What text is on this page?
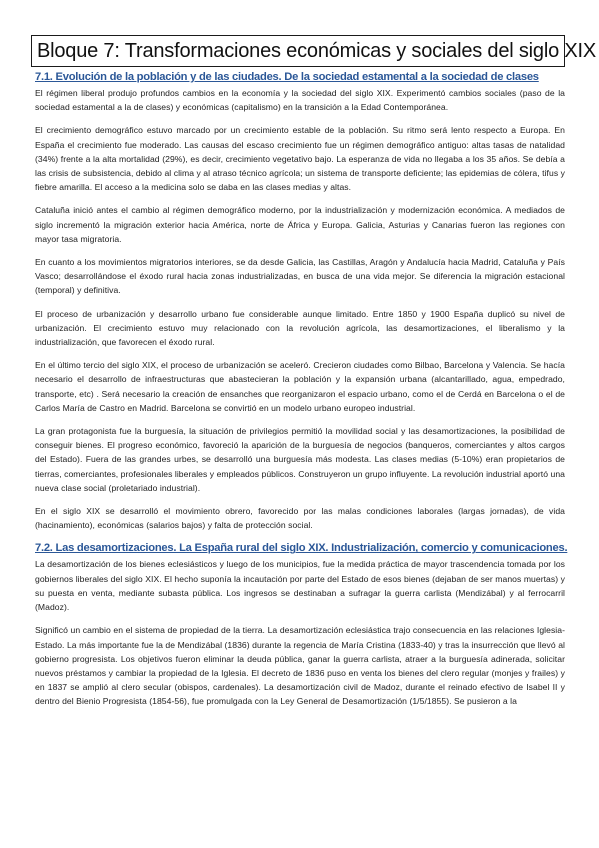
Bloque 7: Transformaciones económicas y sociales del siglo XIX
7.1. Evolución de la población y de las ciudades. De la sociedad estamental a la sociedad de clases

El régimen liberal produjo profundos cambios en la economía y la sociedad del siglo XIX. Experimentó cambios sociales (paso de la sociedad estamental a la de clases) y económicas (capitalismo) en la transición a la Edad Contemporánea.

El crecimiento demográfico estuvo marcado por un crecimiento estable de la población. Su ritmo será lento respecto a Europa. En España el crecimiento fue moderado. Las causas del escaso crecimiento fue un régimen demográfico antiguo: altas tasas de natalidad (34%) frente a la alta mortalidad (29%), es decir, crecimiento vegetativo bajo. La esperanza de vida no llegaba a los 35 años. Se debía a las crisis de subsistencia, debido al clima y al atraso técnico agrícola; un sistema de transporte deficiente; las epidemias de cólera, tifus y fiebre amarilla. El acceso a la medicina solo se daba en las clases medias y altas.

Cataluña inició antes el cambio al régimen demográfico moderno, por la industrialización y modernización económica. A mediados de siglo incrementó la migración exterior hacia América, norte de África y Europa. Galicia, Asturias y Canarias fueron las regiones con mayor tasa migratoria.

En cuanto a los movimientos migratorios interiores, se da desde Galicia, las Castillas, Aragón y Andalucía hacia Madrid, Cataluña y País Vasco; desarrollándose el éxodo rural hacia zonas industrializadas, en busca de una vida mejor. Se diferencia la migración estacional (temporal) y definitiva.

El proceso de urbanización y desarrollo urbano fue considerable aunque limitado. Entre 1850 y 1900 España duplicó su nivel de urbanización. El crecimiento estuvo muy relacionado con la revolución agrícola, las desamortizaciones, el liberalismo y la industrialización, que favorecen el éxodo rural.

En el último tercio del siglo XIX, el proceso de urbanización se aceleró. Crecieron ciudades como Bilbao, Barcelona y Valencia. Se hacía necesario el desarrollo de infraestructuras que abastecieran la población y la expansión urbana (alcantarillado, agua, empedrado, transporte, etc) . Será necesario la creación de ensanches que reorganizaron el espacio urbano, como el de Cerdá en Barcelona o el de Carlos María de Castro en Madrid. Barcelona se convirtió en un modelo urbano europeo industrial.

La gran protagonista fue la burguesía, la situación de privilegios permitió la movilidad social y las desamortizaciones, la posibilidad de conseguir bienes. El progreso económico, favoreció la aparición de la burguesía de negocios (banqueros, comerciantes y altos cargos del Estado). Fuera de las grandes urbes, se desarrolló una burguesía más modesta. Las clases medias (5-10%) eran propietarios de tierras, comerciantes, profesionales liberales y empleados públicos. Construyeron un grupo influyente. La revolución industrial aportó una nueva clase social (proletariado industrial).

En el siglo XIX se desarrolló el movimiento obrero, favorecido por las malas condiciones laborales (largas jornadas), de vida (hacinamiento), económicas (salarios bajos) y falta de protección social.

7.2. Las desamortizaciones. La España rural del siglo XIX. Industrialización, comercio y comunicaciones.

La desamortización de los bienes eclesiásticos y luego de los municipios, fue la medida práctica de mayor trascendencia tomada por los gobiernos liberales del siglo XIX. El hecho suponía la incautación por parte del Estado de esos bienes (dejaban de ser manos muertas) y su puesta en venta, mediante subasta pública. Los ingresos se destinaban a sufragar la guerra carlista (Mendizábal) y al ferrocarril (Madoz).

Significó un cambio en el sistema de propiedad de la tierra. La desamortización eclesiástica trajo consecuencia en las relaciones Iglesia-Estado. La más importante fue la de Mendizábal (1836) durante la regencia de María Cristina (1833-40) y tras la insurrección que llevó al gobierno progresista. Los objetivos fueron eliminar la deuda pública, ganar la guerra carlista, atraer a la burguesía adinerada, solicitar nuevos préstamos y cambiar la propiedad de la Iglesia. El decreto de 1836 puso en venta los bienes del clero regular (monjes y frailes) y en 1837 se amplió al clero secular (obispos, cardenales). La desamortización civil de Madoz, durante el reinado efectivo de Isabel II y dentro del Bienio Progresista (1854-56), fue promulgada con la Ley General de Desamortización (1/5/1855). Se pusieron a la
